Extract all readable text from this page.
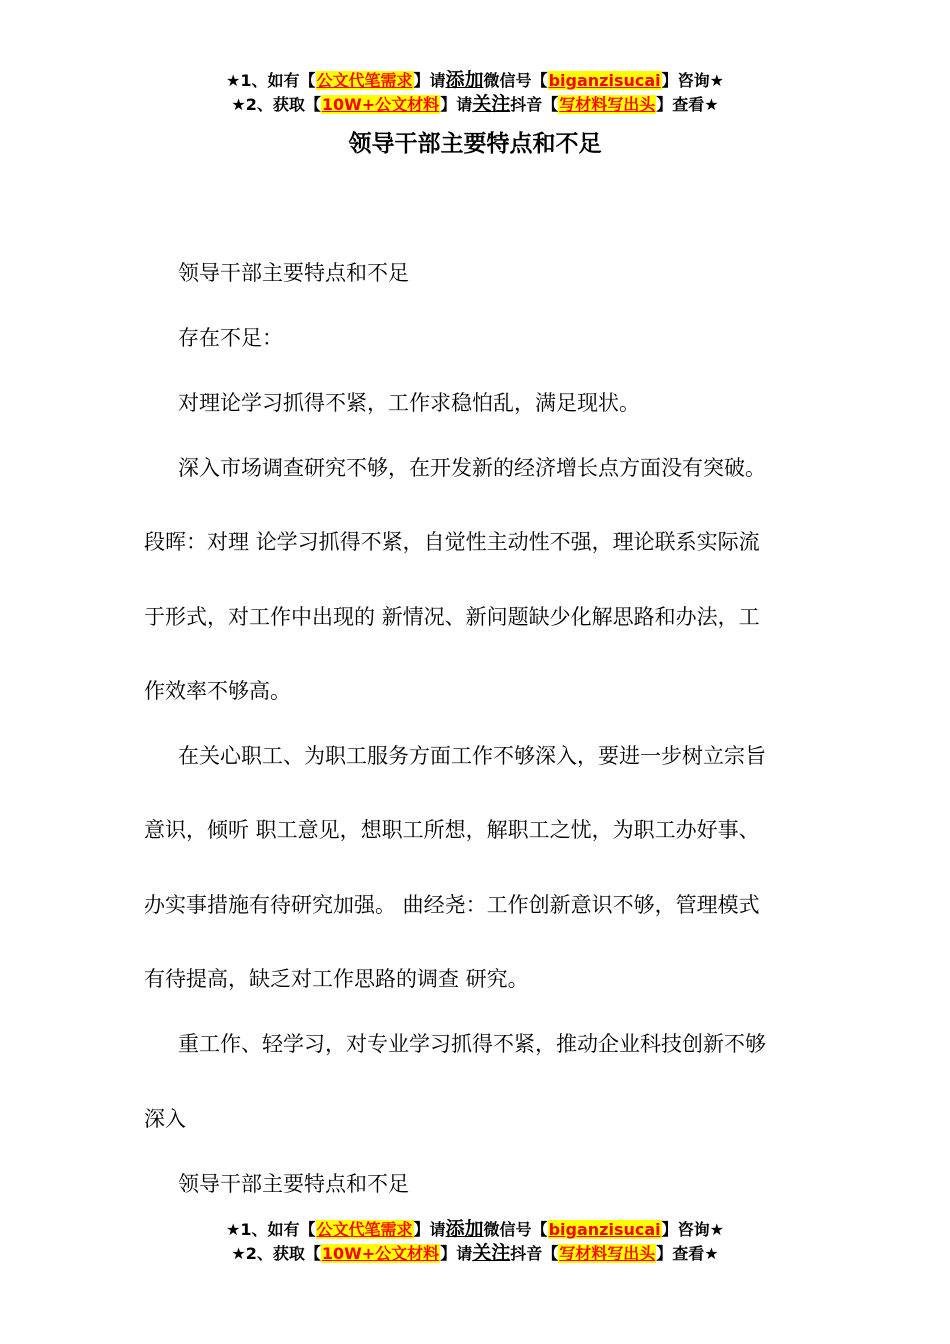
★1、如有【公文代笔需求】请添加微信号【biganzisucai】咨询★
★2、获取【10W+公文材料】请关注抖音【写材料写出头】查看★
领导干部主要特点和不足
领导干部主要特点和不足
存在不足：
对理论学习抓得不紧，工作求稳怕乱，满足现状。
深入市场调查研究不够，在开发新的经济增长点方面没有突破。
段晖：对理 论学习抓得不紧，自觉性主动性不强，理论联系实际流
于形式，对工作中出现的 新情况、新问题缺少化解思路和办法，工
作效率不够高。
在关心职工、为职工服务方面工作不够深入，要进一步树立宗旨
意识，倾听 职工意见，想职工所想，解职工之忧，为职工办好事、
办实事措施有待研究加强。 曲经尧：工作创新意识不够，管理模式
有待提高，缺乏对工作思路的调查 研究。
重工作、轻学习，对专业学习抓得不紧，推动企业科技创新不够
深入
领导干部主要特点和不足
★1、如有【公文代笔需求】请添加微信号【biganzisucai】咨询★
★2、获取【10W+公文材料】请关注抖音【写材料写出头】查看★
